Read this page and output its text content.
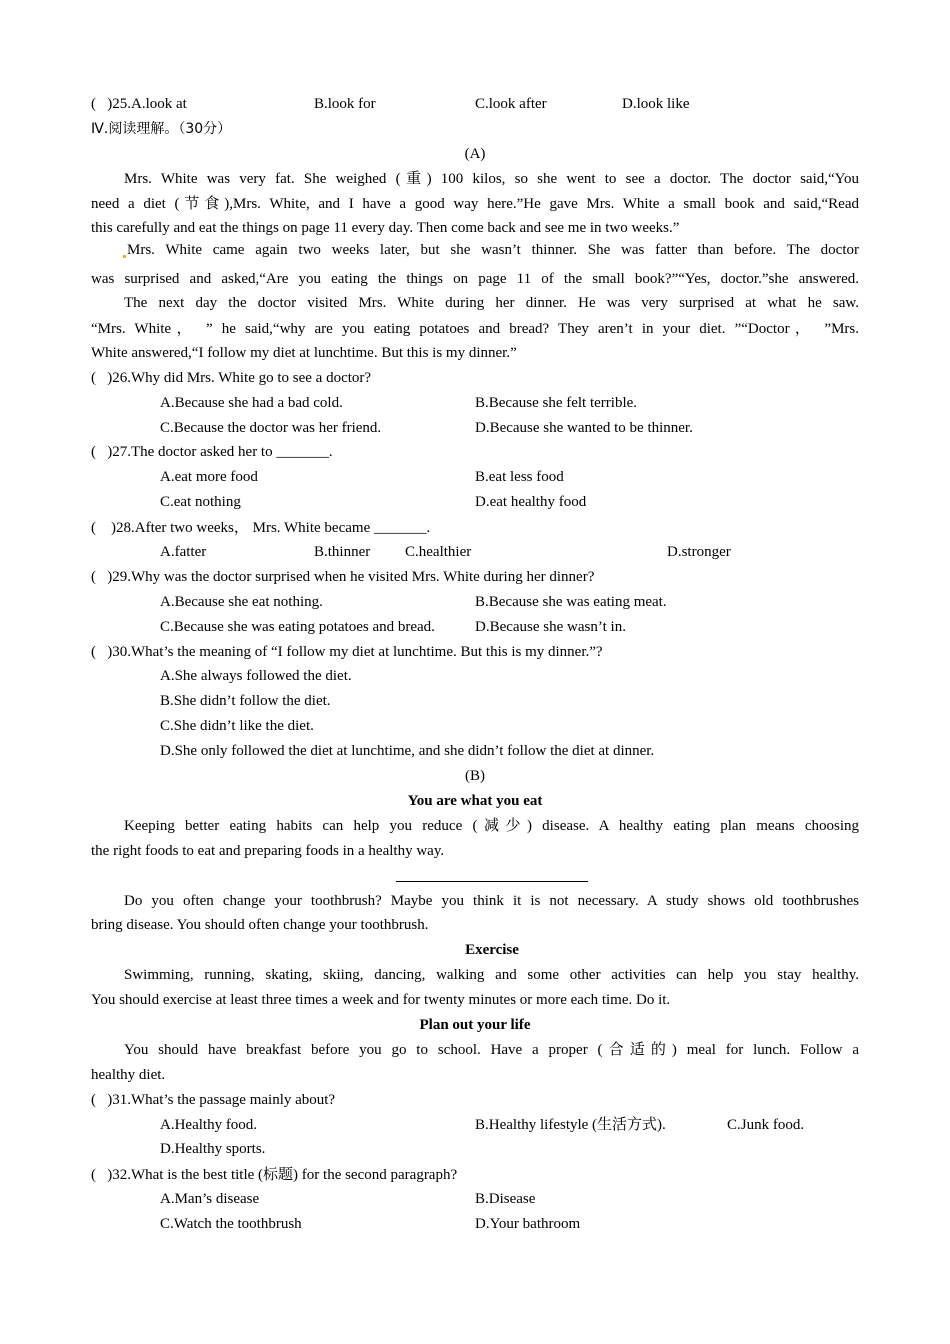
(   )25.A.look at	B.look for	C.look after	D.look like
Ⅳ.阅读理解。（30分）
(A)
Mrs. White was very fat. She weighed (重) 100 kilos, so she went to see a doctor. The doctor said,“You
need a diet (节食),Mrs. White, and I have a good way here.”He gave Mrs. White a small book and said,“Read
this carefully and eat the things on page 11 every day. Then come back and see me in two weeks.”
Mrs. White came again two weeks later, but she wasn’t thinner. She was fatter than before. The doctor
was surprised and asked,“Are you eating the things on page 11 of the small book?”“Yes, doctor.”she answered.
The next day the doctor visited Mrs. White during her dinner. He was very surprised at what he saw.
“Mrs. White， ” he said,“why are you eating potatoes and bread? They aren’t in your diet. ”“Doctor， ”Mrs.
White answered,“I follow my diet at lunchtime. But this is my dinner.”
(   )26.Why did Mrs. White go to see a doctor?
A.Because she had a bad cold.	B.Because she felt terrible.
C.Because the doctor was her friend.	D.Because she wanted to be thinner.
(   )27.The doctor asked her to _______.
A.eat more food	B.eat less food
C.eat nothing	D.eat healthy food
(    )28.After two weeks， Mrs. White became _______.
A.fatter	B.thinner C.healthier	D.stronger
(   )29.Why was the doctor surprised when he visited Mrs. White during her dinner?
A.Because she eat nothing.	B.Because she was eating meat.
C.Because she was eating potatoes and bread.	D.Because she wasn’t in.
(   )30.What’s the meaning of “I follow my diet at lunchtime. But this is my dinner.”?
A.She always followed the diet.
B.She didn’t follow the diet.
C.She didn’t like the diet.
D.She only followed the diet at lunchtime, and she didn’t follow the diet at dinner.
(B)
You are what you eat
Keeping better eating habits can help you reduce (减少) disease. A healthy eating plan means choosing
the right foods to eat and preparing foods in a healthy way.
Do you often change your toothbrush? Maybe you think it is not necessary. A study shows old toothbrushes
bring disease. You should often change your toothbrush.
Exercise
Swimming, running, skating, skiing, dancing, walking and some other activities can help you stay healthy.
You should exercise at least three times a week and for twenty minutes or more each time. Do it.
Plan out your life
You should have breakfast before you go to school. Have a proper (合适的) meal for lunch. Follow a
healthy diet.
(   )31.What’s the passage mainly about?
A.Healthy food.	B.Healthy lifestyle (生活方式).	C.Junk food.
D.Healthy sports.
(   )32.What is the best title (标题) for the second paragraph?
A.Man’s disease	B.Disease
C.Watch the toothbrush	D.Your bathroom
